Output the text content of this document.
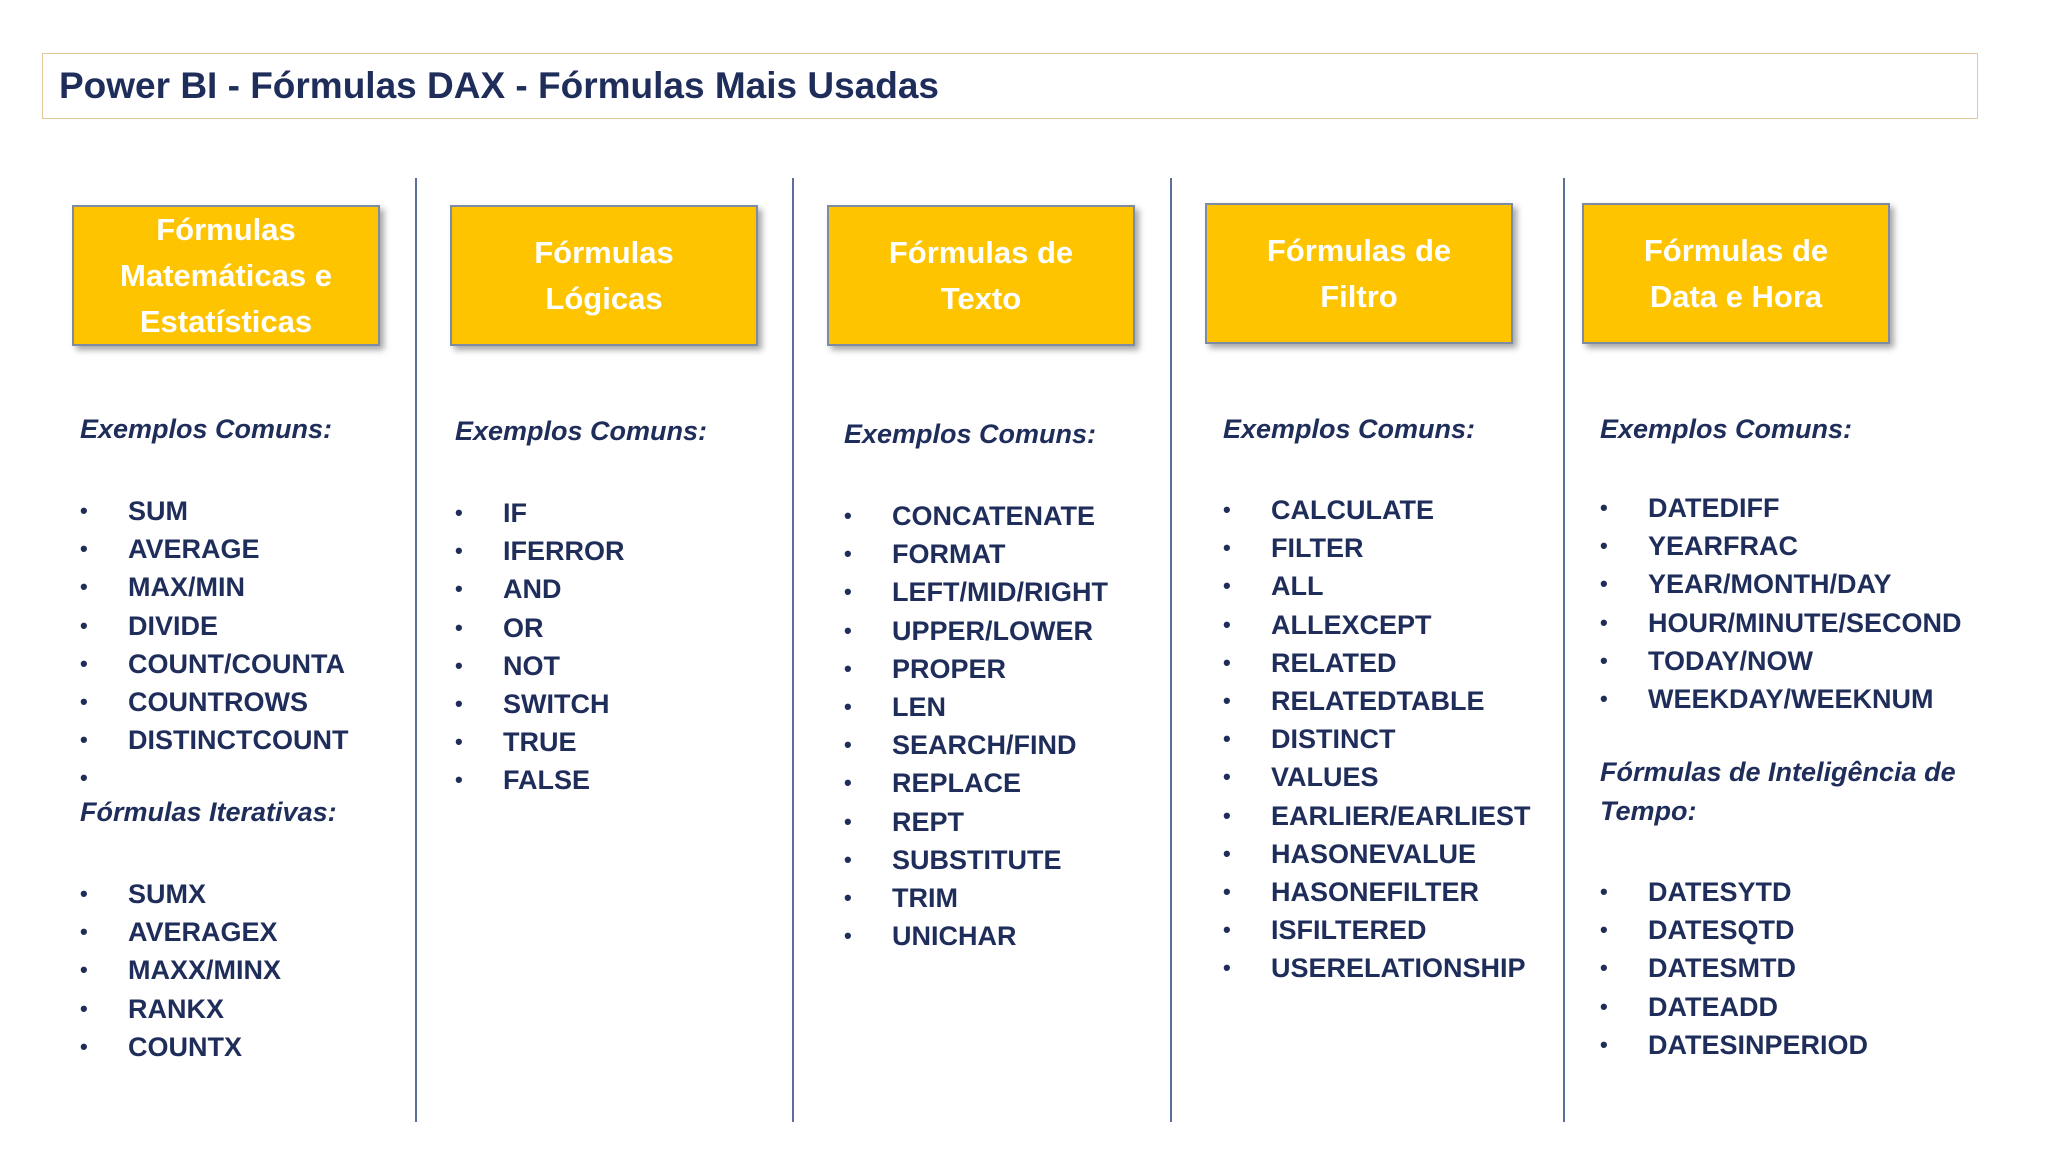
Power BI - Fórmulas DAX - Fórmulas Mais Usadas
Fórmulas
Matemáticas e
Estatísticas
Exemplos Comuns:
• SUM
• AVERAGE
• MAX/MIN
• DIVIDE
• COUNT/COUNTA
• COUNTROWS
• DISTINCTCOUNT
•
Fórmulas Iterativas:
• SUMX
• AVERAGEX
• MAXX/MINX
• RANKX
• COUNTX
Fórmulas
Lógicas
Exemplos Comuns:
• IF
• IFERROR
• AND
• OR
• NOT
• SWITCH
• TRUE
• FALSE
Fórmulas de
Texto
Exemplos Comuns:
• CONCATENATE
• FORMAT
• LEFT/MID/RIGHT
• UPPER/LOWER
• PROPER
• LEN
• SEARCH/FIND
• REPLACE
• REPT
• SUBSTITUTE
• TRIM
• UNICHAR
Fórmulas de
Filtro
Exemplos Comuns:
• CALCULATE
• FILTER
• ALL
• ALLEXCEPT
• RELATED
• RELATEDTABLE
• DISTINCT
• VALUES
• EARLIER/EARLIEST
• HASONEVALUE
• HASONEFILTER
• ISFILTERED
• USERELATIONSHIP
Fórmulas de
Data e Hora
Exemplos Comuns:
• DATEDIFF
• YEARFRAC
• YEAR/MONTH/DAY
• HOUR/MINUTE/SECOND
• TODAY/NOW
• WEEKDAY/WEEKNUM
Fórmulas de Inteligência de
Tempo:
• DATESYTD
• DATESQTD
• DATESMTD
• DATEADD
• DATESINPERIOD
